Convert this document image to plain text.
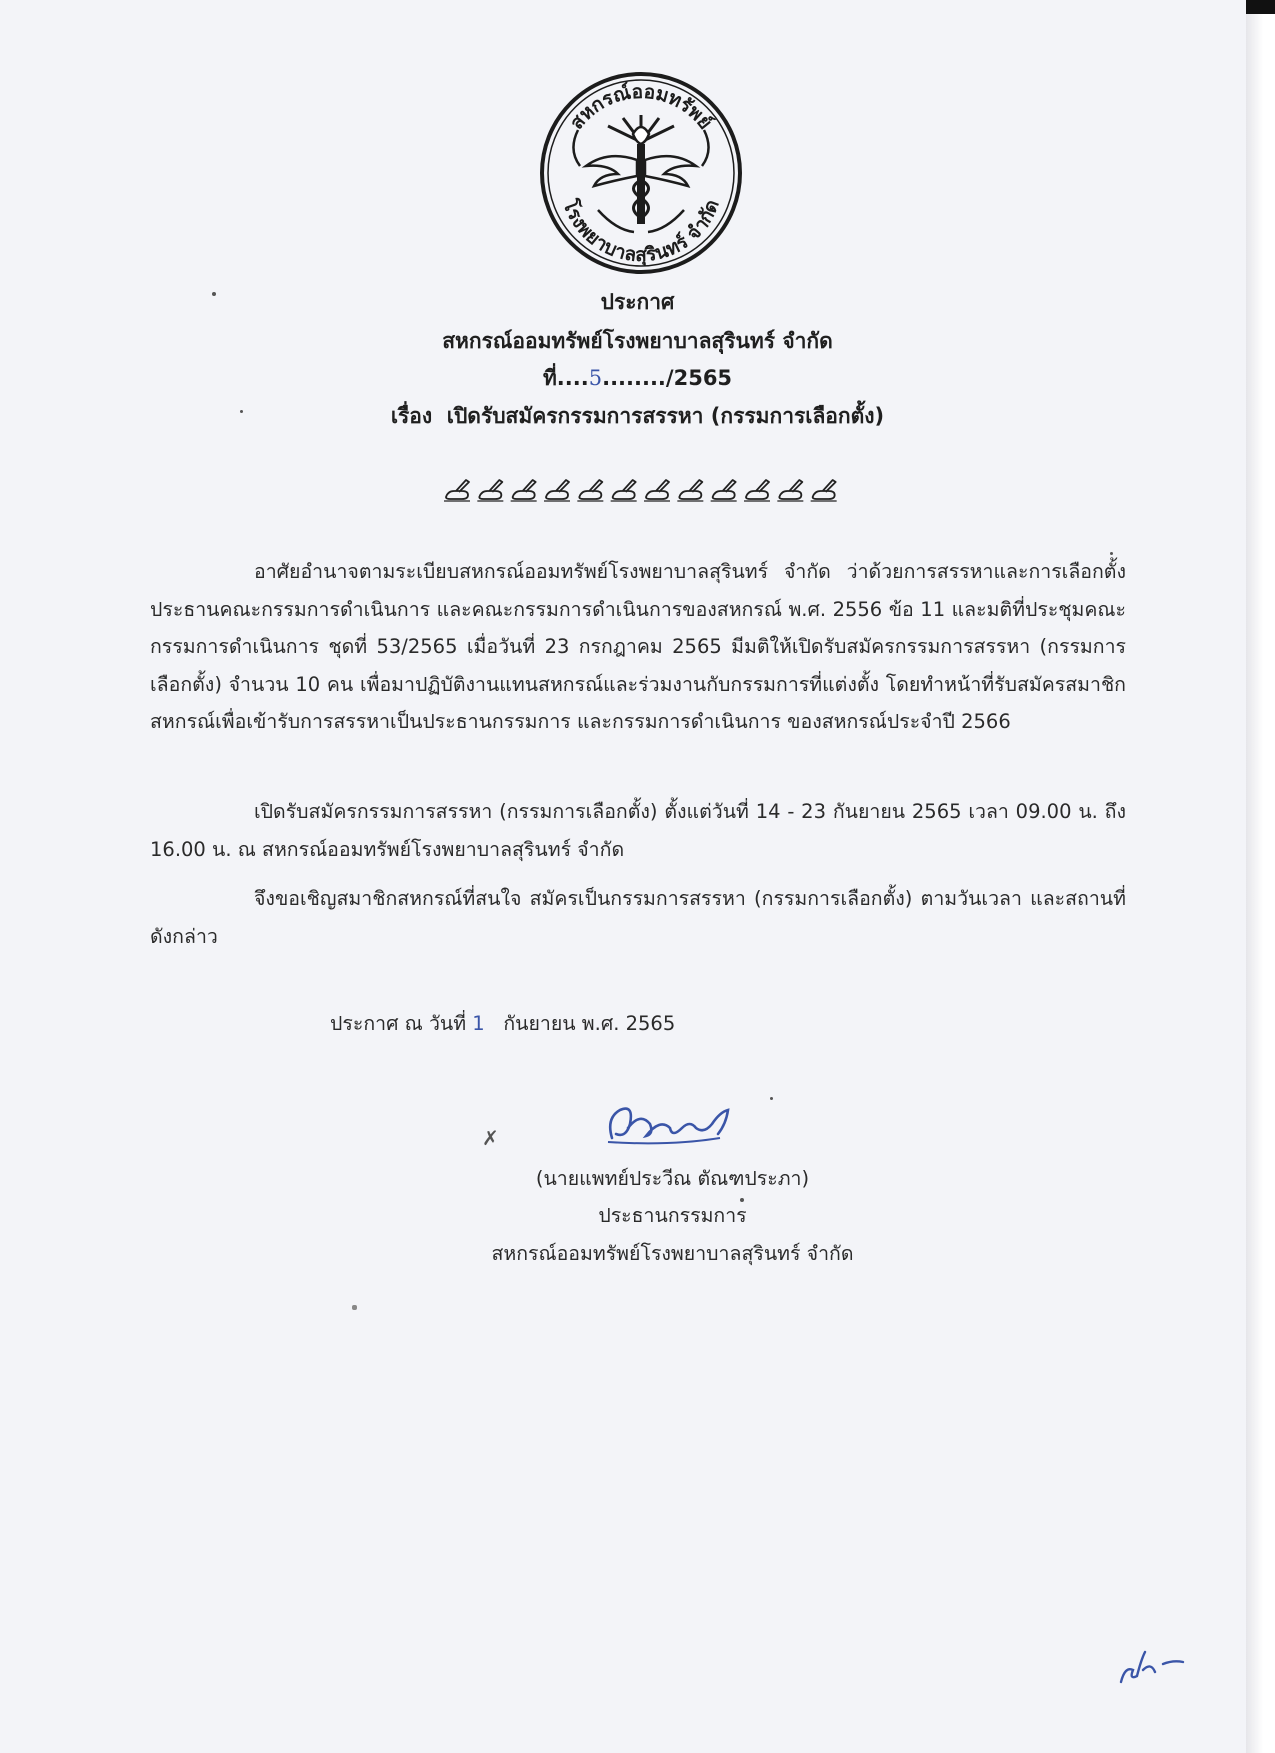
สหกรณ์ออมทรัพย์
โรงพยาบาลสุรินทร์ จำกัด
ประกาศ
สหกรณ์ออมทรัพย์โรงพยาบาลสุรินทร์ จำกัด
ที่....5......../2565
เรื่อง เปิดรับสมัครกรรมการสรรหา (กรรมการเลือกตั้ง)
อาศัยอำนาจตามระเบียบสหกรณ์ออมทรัพย์โรงพยาบาลสุรินทร์ จำกัด ว่าด้วยการสรรหาและการเลือกตั้งประธานคณะกรรมการดำเนินการ และคณะกรรมการดำเนินการของสหกรณ์ พ.ศ. 2556 ข้อ 11 และมติที่ประชุมคณะกรรมการดำเนินการ ชุดที่ 53/2565 เมื่อวันที่ 23 กรกฎาคม 2565 มีมติให้เปิดรับสมัครกรรมการสรรหา (กรรมการเลือกตั้ง) จำนวน 10 คน เพื่อมาปฏิบัติงานแทนสหกรณ์และร่วมงานกับกรรมการที่แต่งตั้ง โดยทำหน้าที่รับสมัครสมาชิกสหกรณ์เพื่อเข้ารับการสรรหาเป็นประธานกรรมการ และกรรมการดำเนินการ ของสหกรณ์ประจำปี 2566
เปิดรับสมัครกรรมการสรรหา (กรรมการเลือกตั้ง) ตั้งแต่วันที่ 14 - 23 กันยายน 2565 เวลา 09.00 น. ถึง 16.00 น. ณ สหกรณ์ออมทรัพย์โรงพยาบาลสุรินทร์ จำกัด
จึงขอเชิญสมาชิกสหกรณ์ที่สนใจ สมัครเป็นกรรมการสรรหา (กรรมการเลือกตั้ง) ตามวันเวลา และสถานที่ดังกล่าว
ประกาศ ณ วันที่ 1 กันยายน พ.ศ. 2565
✗
(นายแพทย์ประวีณ ตัณฑประภา)
ประธานกรรมการ
สหกรณ์ออมทรัพย์โรงพยาบาลสุรินทร์ จำกัด
